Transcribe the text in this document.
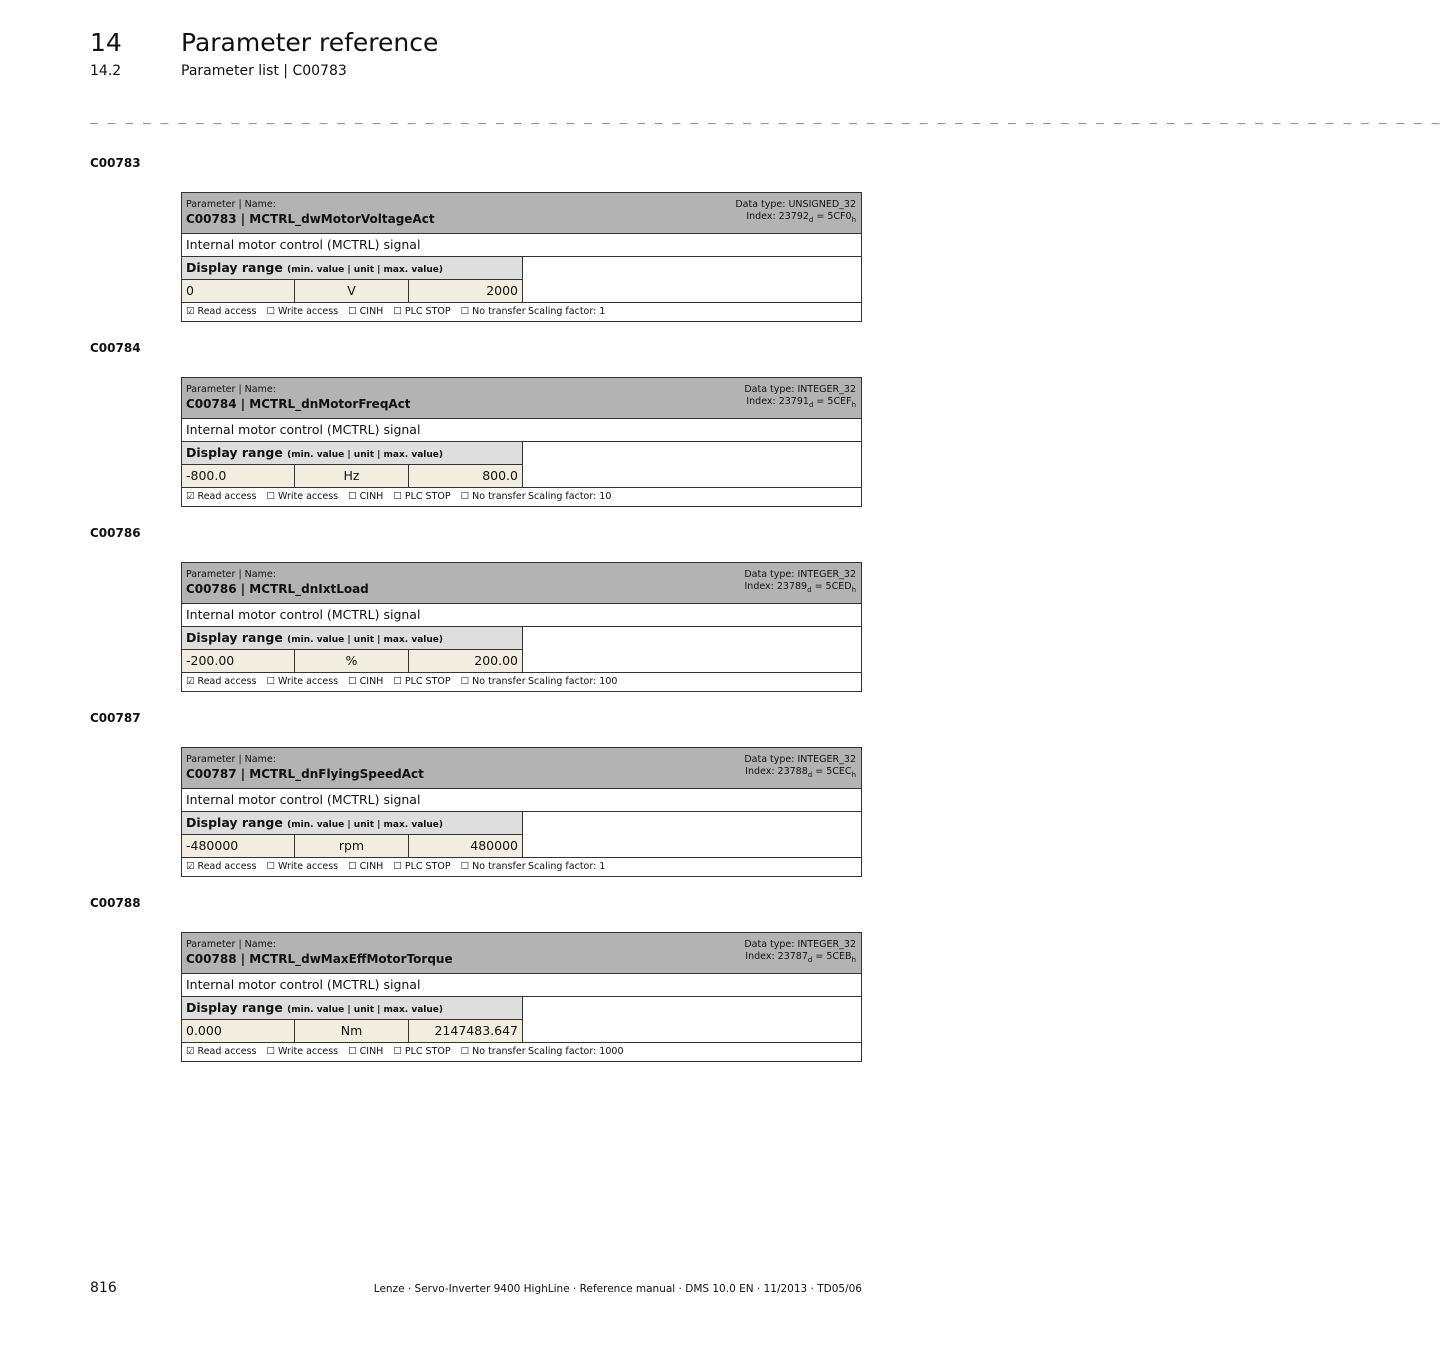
14 Parameter reference
14.2	Parameter list | C00783
_ _ _ _ _ _ _ _ _ _ _ _ _ _ _ _ _ _ _ _ _ _ _ _ _ _ _ _ _ _ _ _ _ _ _ _ _ _ _ _ _ _ _ _ _ _ _ _ _ _ _ _ _ _ _ _ _ _ _ _ _ _ _ _ _ _ _ _ _ _ _ _ _ _ _ _ _
C00783
Parameter | Name:
C00783 | MCTRL_dwMotorVoltageAct
Data type: UNSIGNED_32
Index: $23792_d = 5CF0_h$
Internal motor control (MCTRL) signal
Display range (min. value | unit | max. value)
0	V	2000
☑ Read access ☐ Write access ☐ CINH ☐ PLC STOP ☐ No transfer Scaling factor: 1
C00784
Parameter | Name:
C00784 | MCTRL_dnMotorFreqAct
Data type: INTEGER_32
Index: $23791_d = 5CEF_h$
Internal motor control (MCTRL) signal
Display range (min. value | unit | max. value)
-800.0	Hz	800.0
☑ Read access ☐ Write access ☐ CINH ☐ PLC STOP ☐ No transfer Scaling factor: 10
C00786
Parameter | Name:
C00786 | MCTRL_dnIxtLoad
Data type: INTEGER_32
Index: $23789_d = 5CED_h$
Internal motor control (MCTRL) signal
Display range (min. value | unit | max. value)
-200.00	%	200.00
☑ Read access ☐ Write access ☐ CINH ☐ PLC STOP ☐ No transfer Scaling factor: 100
C00787
Parameter | Name:
C00787 | MCTRL_dnFlyingSpeedAct
Data type: INTEGER_32
Index: $23788_d = 5CEC_h$
Internal motor control (MCTRL) signal
Display range (min. value | unit | max. value)
-480000	rpm	480000
☑ Read access ☐ Write access ☐ CINH ☐ PLC STOP ☐ No transfer Scaling factor: 1
C00788
Parameter | Name:
C00788 | MCTRL_dwMaxEffMotorTorque
Data type: INTEGER_32
Index: $23787_d = 5CEB_h$
Internal motor control (MCTRL) signal
Display range (min. value | unit | max. value)
0.000	Nm	2147483.647
☑ Read access ☐ Write access ☐ CINH ☐ PLC STOP ☐ No transfer Scaling factor: 1000
816	Lenze · Servo-Inverter 9400 HighLine · Reference manual · DMS 10.0 EN · 11/2013 · TD05/06
